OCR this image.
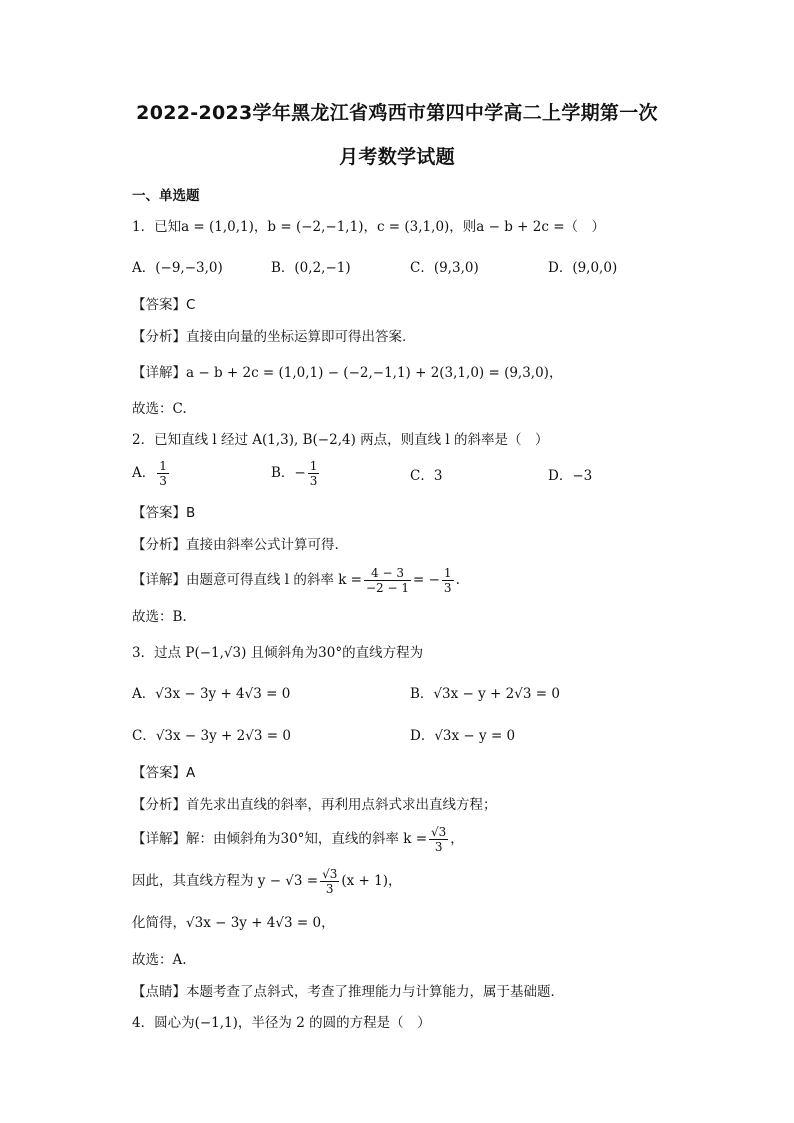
2022-2023学年黑龙江省鸡西市第四中学高二上学期第一次
月考数学试题
一、单选题
1．已知a = (1,0,1)，b = (−2,−1,1)，c = (3,1,0)，则a − b + 2c =（　）
A．(−9,−3,0)	B．(0,2,−1)	C．(9,3,0)	D．(9,0,0)
【答案】C
【分析】直接由向量的坐标运算即可得出答案.
【详解】a − b + 2c = (1,0,1) − (−2,−1,1) + 2(3,1,0) = (9,3,0)，
故选：C.
2．已知直线 l 经过 A(1,3), B(−2,4) 两点，则直线 l 的斜率是（　）
A． $\frac{1}{3}$	B．− $\frac{1}{3}$	C．3	D．−3
【答案】B
【分析】直接由斜率公式计算可得.
【详解】由题意可得直线 l 的斜率 $k = \frac{4 - 3}{-2 - 1}$ = − $\frac{1}{3}$ .
故选：B.
3．过点 P(−1,√3) 且倾斜角为30°的直线方程为
A．√3x − 3y + 4√3 = 0	B．√3x − y + 2√3 = 0
C．√3x − 3y + 2√3 = 0	D．√3x − y = 0
【答案】A
【分析】首先求出直线的斜率，再利用点斜式求出直线方程；
【详解】解：由倾斜角为30°知，直线的斜率 $k = \frac{√3}{3}$ ，
因此，其直线方程为 $y - √3 = \frac{√3}{3} (x + 1)$，
化简得，√3x − 3y + 4√3 = 0，
故选：A.
【点睛】本题考查了点斜式，考查了推理能力与计算能力，属于基础题．
4．圆心为(−1,1)，半径为 2 的圆的方程是（　）
